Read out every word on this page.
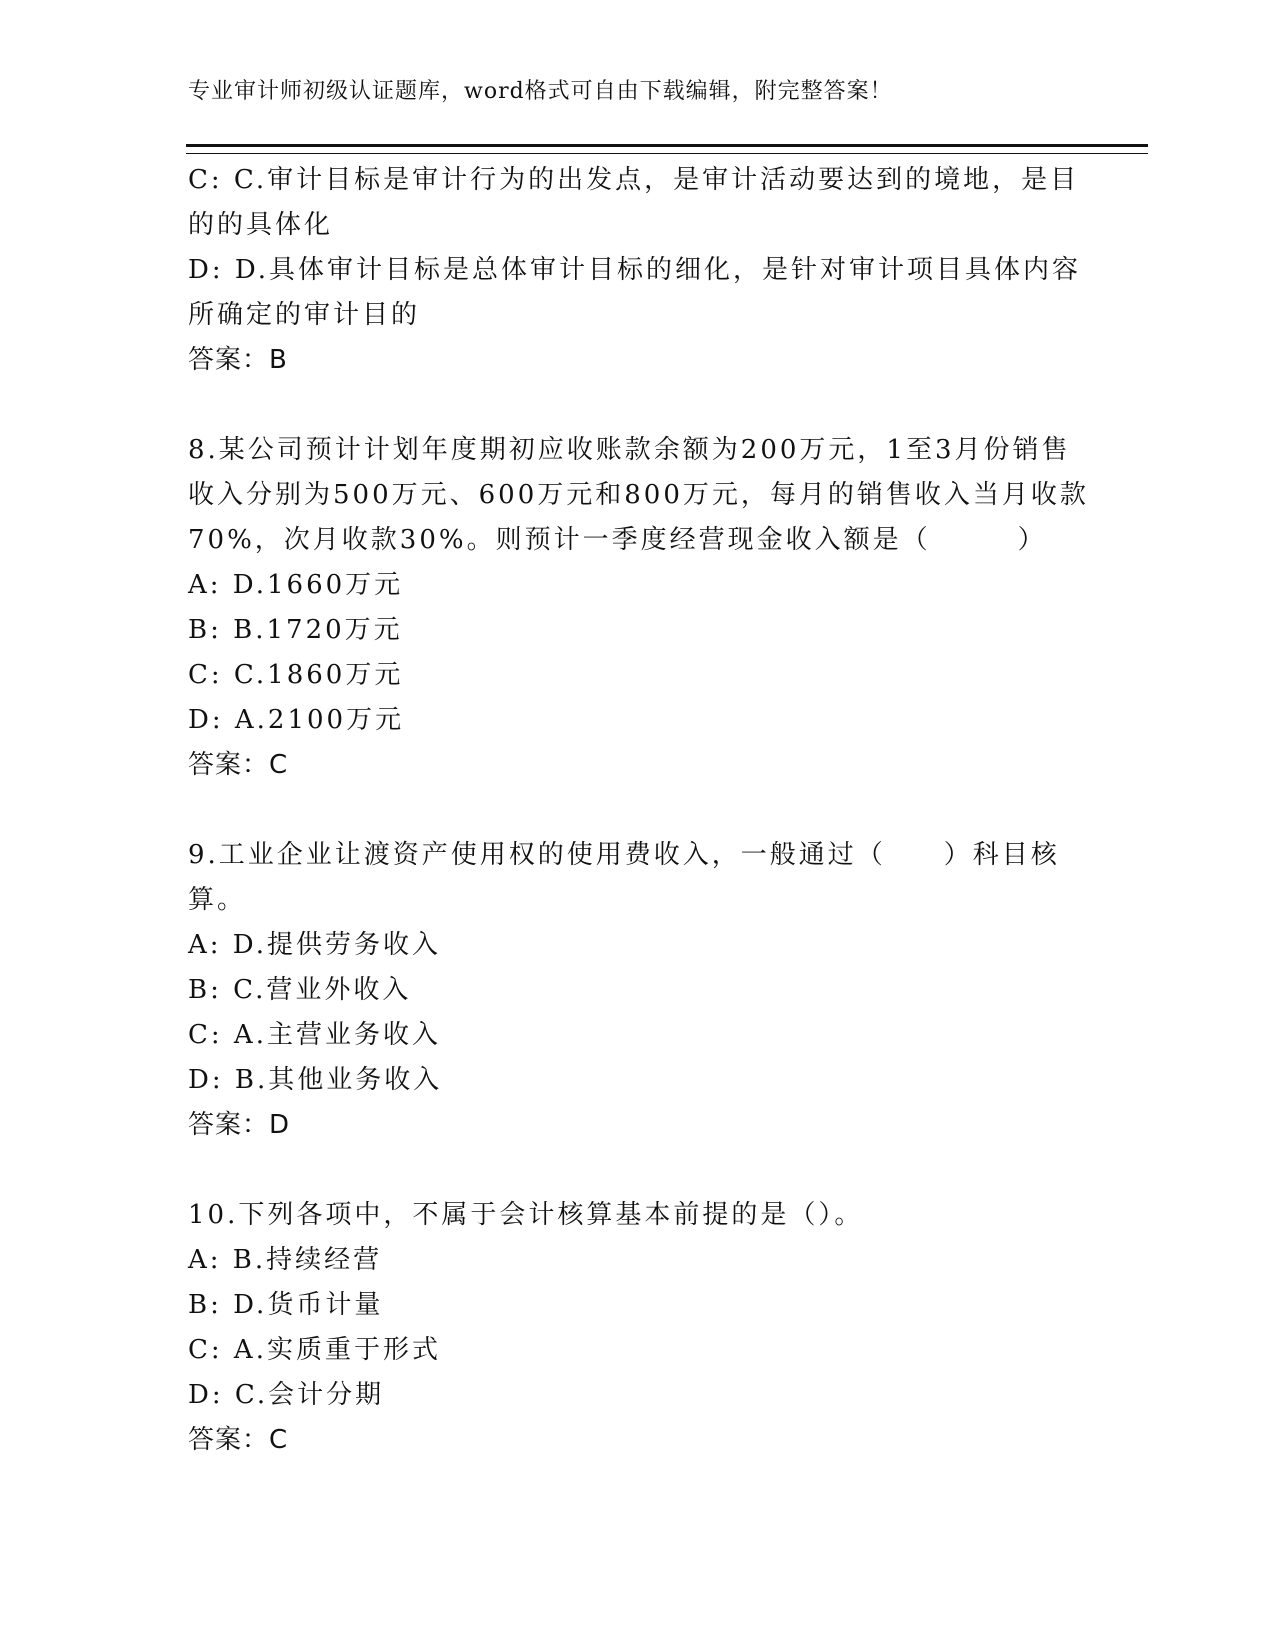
专业审计师初级认证题库，word格式可自由下载编辑，附完整答案！
C: C.审计目标是审计行为的出发点，是审计活动要达到的境地，是目
的的具体化
D: D.具体审计目标是总体审计目标的细化，是针对审计项目具体内容
所确定的审计目的
答案：B
8.某公司预计计划年度期初应收账款余额为200万元，1至3月份销售
收入分别为500万元、600万元和800万元，每月的销售收入当月收款
70%，次月收款30%。则预计一季度经营现金收入额是（　　　）
A: D.1660万元
B: B.1720万元
C: C.1860万元
D: A.2100万元
答案：C
9.工业企业让渡资产使用权的使用费收入，一般通过（　　）科目核
算。
A: D.提供劳务收入
B: C.营业外收入
C: A.主营业务收入
D: B.其他业务收入
答案：D
10.下列各项中，不属于会计核算基本前提的是（）。
A: B.持续经营
B: D.货币计量
C: A.实质重于形式
D: C.会计分期
答案：C
